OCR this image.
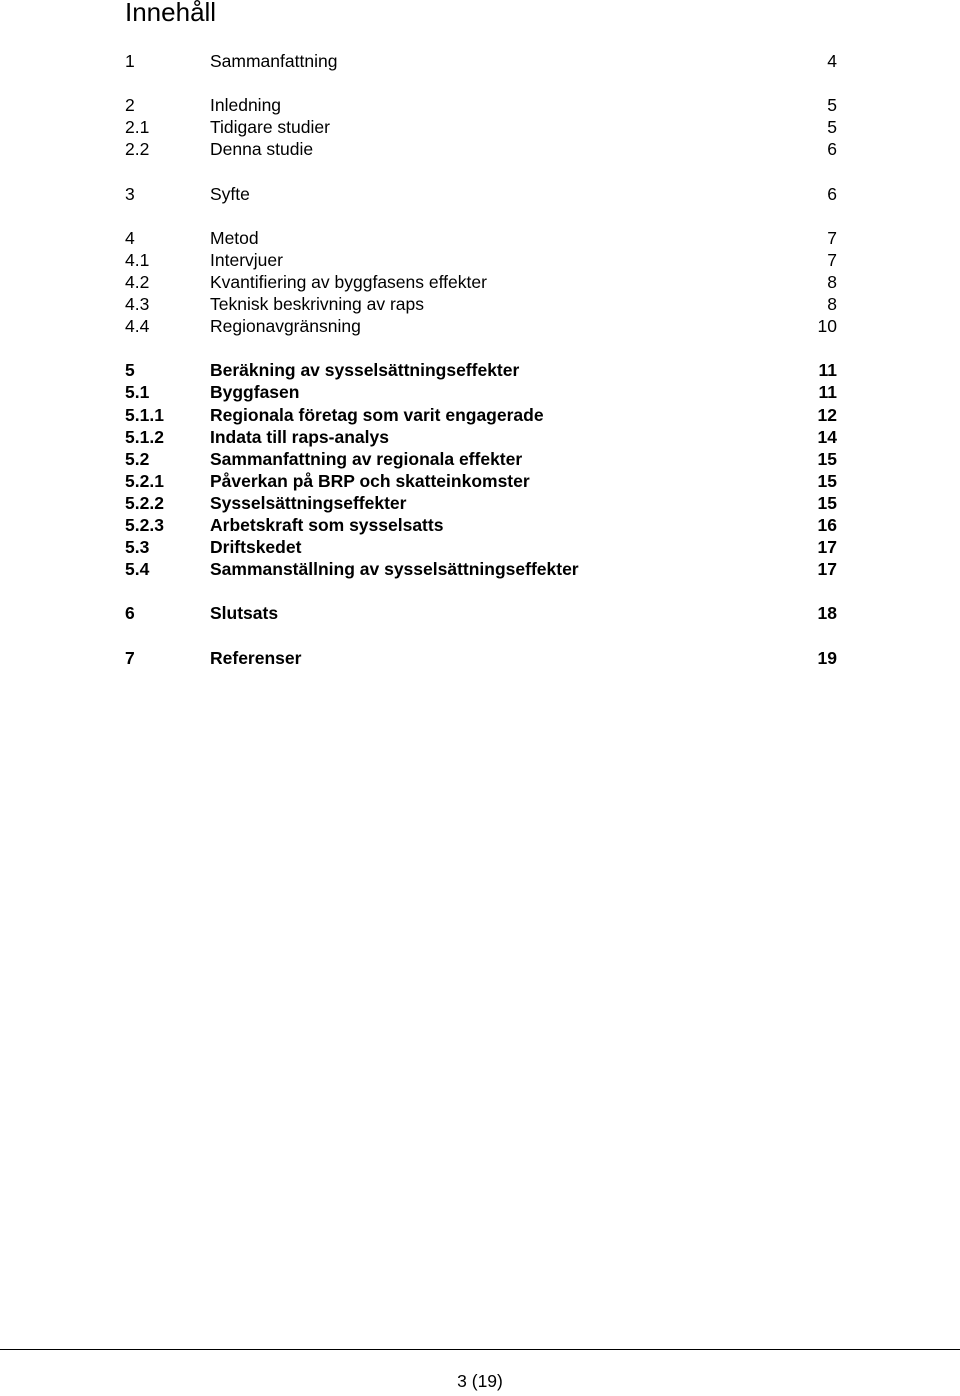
Innehåll
1	Sammanfattning	4
2	Inledning	5
2.1	Tidigare studier	5
2.2	Denna studie	6
3	Syfte	6
4	Metod	7
4.1	Intervjuer	7
4.2	Kvantifiering av byggfasens effekter	8
4.3	Teknisk beskrivning av raps	8
4.4	Regionavgränsning	10
5	Beräkning av sysselsättningseffekter	11
5.1	Byggfasen	11
5.1.1	Regionala företag som varit engagerade	12
5.1.2	Indata till raps-analys	14
5.2	Sammanfattning av regionala effekter	15
5.2.1	Påverkan på BRP och skatteinkomster	15
5.2.2	Sysselsättningseffekter	15
5.2.3	Arbetskraft som sysselsatts	16
5.3	Driftskedet	17
5.4	Sammanställning av sysselsättningseffekter	17
6	Slutsats	18
7	Referenser	19
3 (19)
